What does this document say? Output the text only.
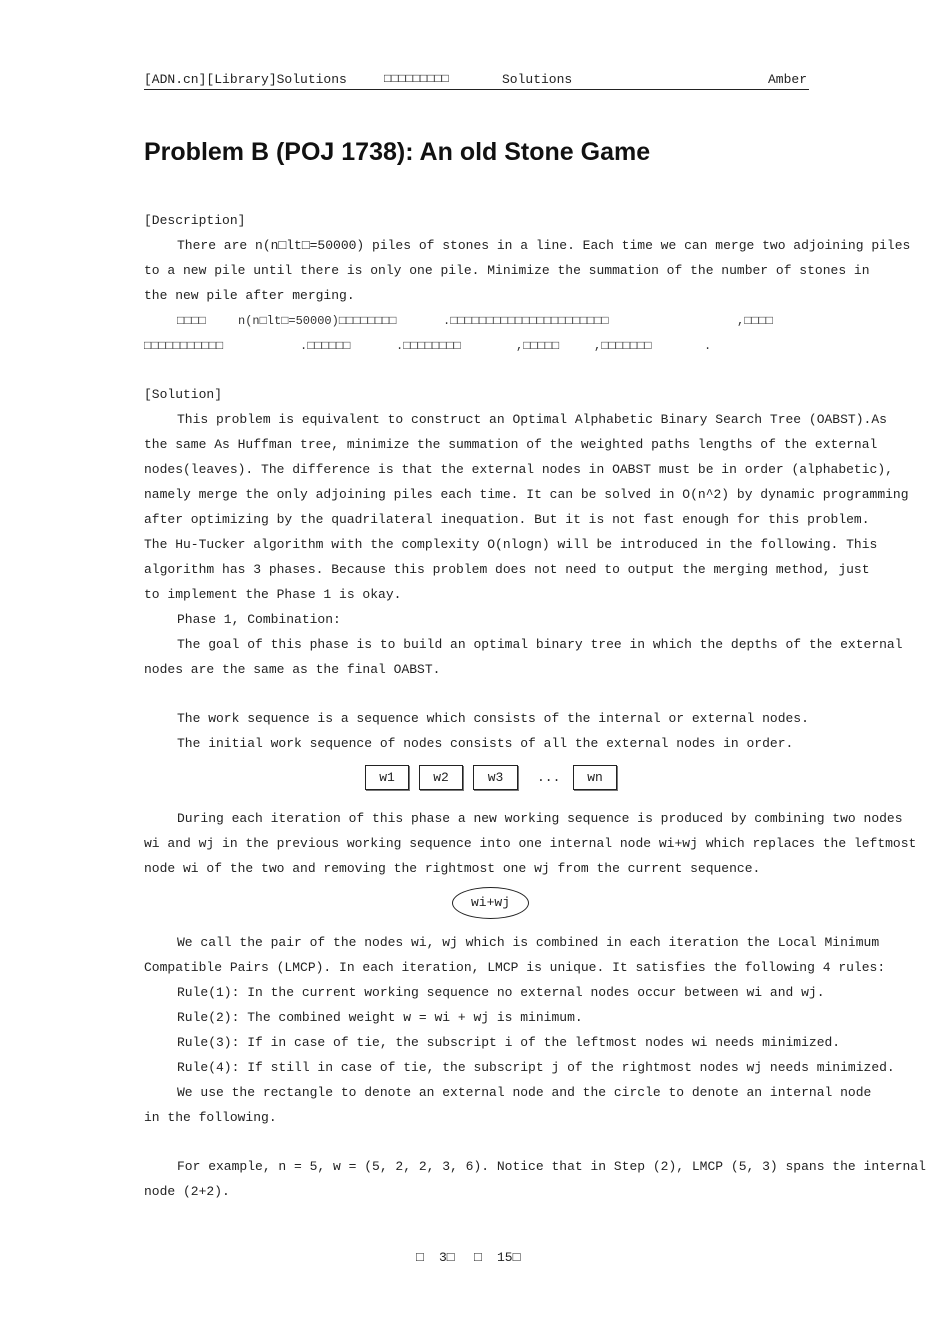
[ADN.cn][Library]Solutions	□□□□□□□□□	Solutions	Amber
Problem B (POJ 1738): An old Stone Game
[Description]
There are n(n□lt□=50000) piles of stones in a line. Each time we can merge two adjoining piles
to a new pile until there is only one pile. Minimize the summation of the number of stones in
the new pile after merging.
□□□□	n(n□lt□=50000)□□□□□□□□	.□□□□□□□□□□□□□□□□□□□□□□	,□□□□
□□□□□□□□□□□	.□□□□□□	.□□□□□□□□	,□□□□□	,□□□□□□□	.
[Solution]
This problem is equivalent to construct an Optimal Alphabetic Binary Search Tree (OABST).As
the same As Huffman tree, minimize the summation of the weighted paths lengths of the external
nodes(leaves). The difference is that the external nodes in OABST must be in order (alphabetic),
namely merge the only adjoining piles each time. It can be solved in O(n^2) by dynamic programming
after optimizing by the quadrilateral inequation. But it is not fast enough for this problem.
The Hu-Tucker algorithm with the complexity O(nlogn) will be introduced in the following. This
algorithm has 3 phases. Because this problem does not need to output the merging method, just
to implement the Phase 1 is okay.
Phase 1, Combination:
The goal of this phase is to build an optimal binary tree in which the depths of the external
nodes are the same as the final OABST.
The work sequence is a sequence which consists of the internal or external nodes.
The initial work sequence of nodes consists of all the external nodes in order.
w1	w2	w3	...	wn
During each iteration of this phase a new working sequence is produced by combining two nodes
wi and wj in the previous working sequence into one internal node wi+wj which replaces the leftmost
node wi of the two and removing the rightmost one wj from the current sequence.
wi+wj
We call the pair of the nodes wi, wj which is combined in each iteration the Local Minimum
Compatible Pairs (LMCP). In each iteration, LMCP is unique. It satisfies the following 4 rules:
Rule(1): In the current working sequence no external nodes occur between wi and wj.
Rule(2): The combined weight w = wi + wj is minimum.
Rule(3): If in case of tie, the subscript i of the leftmost nodes wi needs minimized.
Rule(4): If still in case of tie, the subscript j of the rightmost nodes wj needs minimized.
We use the rectangle to denote an external node and the circle to denote an internal node
in the following.
For example, n = 5, w = (5, 2, 2, 3, 6). Notice that in Step (2), LMCP (5, 3) spans the internal
node (2+2).
□ 3□ □ 15□
